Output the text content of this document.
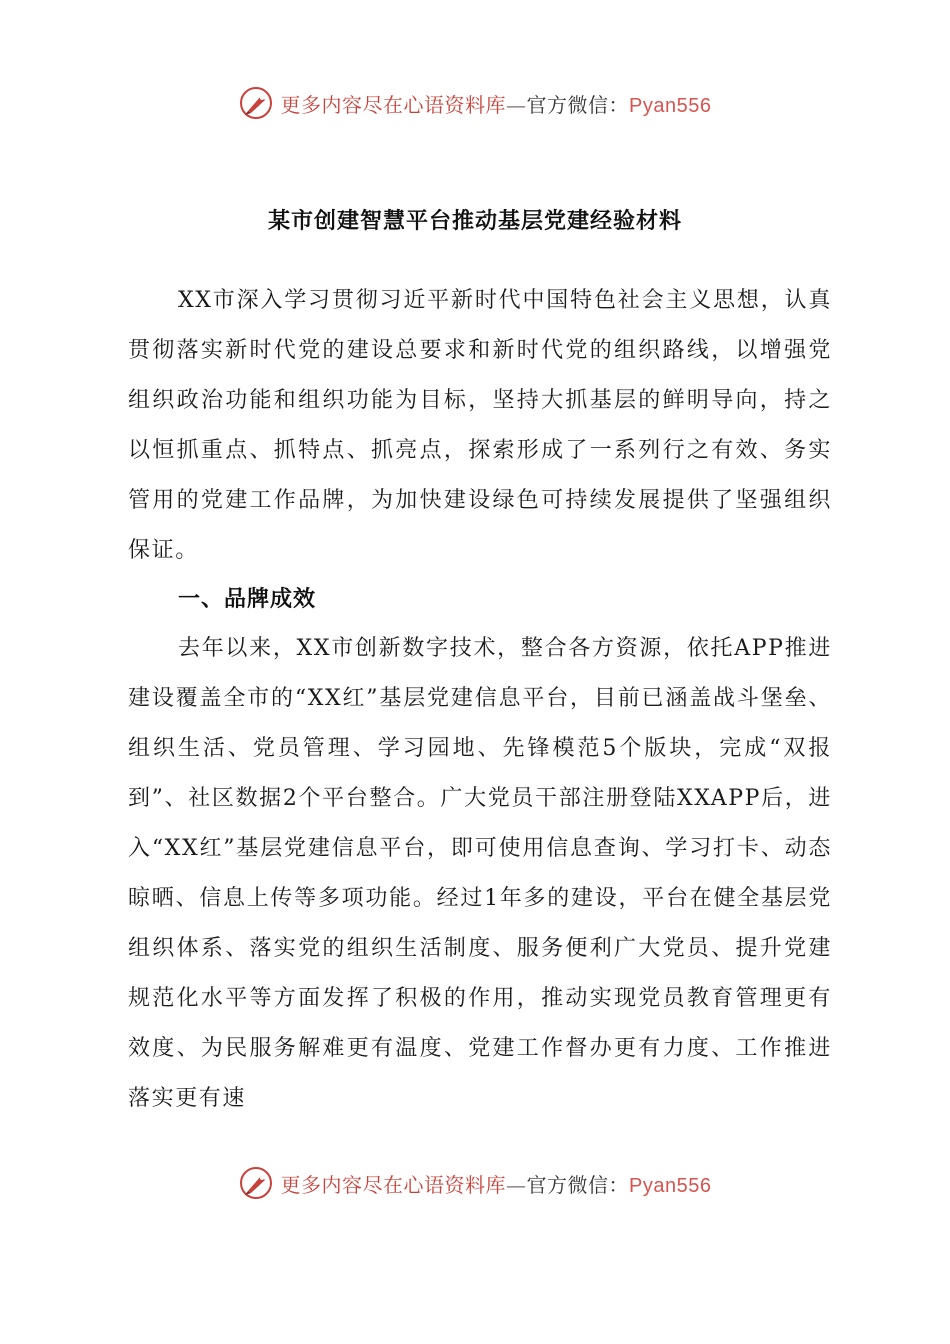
更多内容尽在心语资料库—官方微信：Pyan556
某市创建智慧平台推动基层党建经验材料

XX市深入学习贯彻习近平新时代中国特色社会主义思想，认真贯彻落实新时代党的建设总要求和新时代党的组织路线，以增强党组织政治功能和组织功能为目标，坚持大抓基层的鲜明导向，持之以恒抓重点、抓特点、抓亮点，探索形成了一系列行之有效、务实管用的党建工作品牌，为加快建设绿色可持续发展提供了坚强组织保证。

一、品牌成效

去年以来，XX市创新数字技术，整合各方资源，依托APP推进建设覆盖全市的“XX红”基层党建信息平台，目前已涵盖战斗堡垒、组织生活、党员管理、学习园地、先锋模范5个版块，完成“双报到”、社区数据2个平台整合。广大党员干部注册登陆XXAPP后，进入“XX红”基层党建信息平台，即可使用信息查询、学习打卡、动态晾晒、信息上传等多项功能。经过1年多的建设，平台在健全基层党组织体系、落实党的组织生活制度、服务便利广大党员、提升党建规范化水平等方面发挥了积极的作用，推动实现党员教育管理更有效度、为民服务解难更有温度、党建工作督办更有力度、工作推进落实更有速

更多内容尽在心语资料库—官方微信：Pyan556
